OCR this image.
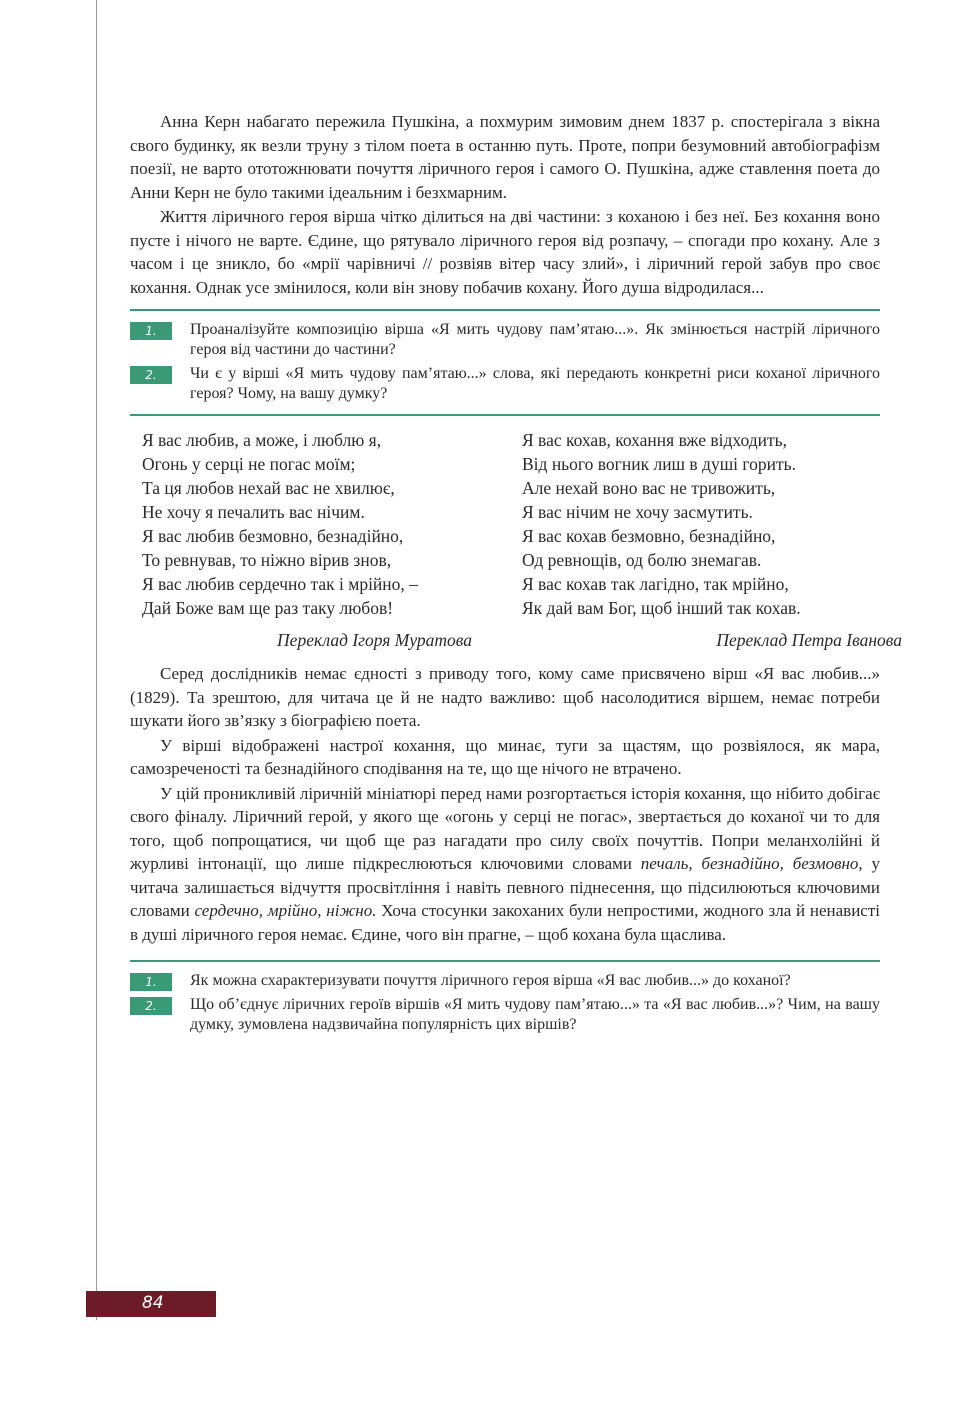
Анна Керн набагато пережила Пушкіна, а похмурим зимовим днем 1837 р. спостерігала з вікна свого будинку, як везли труну з тілом поета в останню путь. Проте, попри безумовний автобіографізм поезії, не варто ототожнювати почуття ліричного героя і самого О. Пушкіна, адже ставлення поета до Анни Керн не було такими ідеальним і безхмарним.

Життя ліричного героя вірша чітко ділиться на дві частини: з коханою і без неї. Без кохання воно пусте і нічого не варте. Єдине, що рятувало ліричного героя від розпачу, – спогади про кохану. Але з часом і це зникло, бо «мрії чарівничі // розвіяв вітер часу злий», і ліричний герой забув про своє кохання. Однак усе змінилося, коли він знову побачив кохану. Його душа відродилася...

1.	Проаналізуйте композицію вірша «Я мить чудову пам’ятаю...». Як змінюється настрій ліричного героя від частини до частини?
2.	Чи є у вірші «Я мить чудову пам’ятаю...» слова, які передають конкретні риси коханої ліричного героя? Чому, на вашу думку?
Я вас любив, а може, і люблю я,
Огонь у серці не погас моїм;
Та ця любов нехай вас не хвилює,
Не хочу я печалить вас нічим.
Я вас любив безмовно, безнадійно,
То ревнував, то ніжно вірив знов,
Я вас любив сердечно так і мрійно, –
Дай Боже вам ще раз таку любов!
Переклад Ігоря Муратова
Я вас кохав, кохання вже відходить,
Від нього вогник лиш в душі горить.
Але нехай воно вас не тривожить,
Я вас нічим не хочу засмутить.
Я вас кохав безмовно, безнадійно,
Од ревнощів, од болю знемагав.
Я вас кохав так лагідно, так мрійно,
Як дай вам Бог, щоб інший так кохав.
Переклад Петра Іванова

Серед дослідників немає єдності з приводу того, кому саме присвячено вірш «Я вас любив...» (1829). Та зрештою, для читача це й не надто важливо: щоб насолодитися віршем, немає потреби шукати його зв’язку з біографією поета.

У вірші відображені настрої кохання, що минає, туги за щастям, що розвіялося, як мара, самозреченості та безнадійного сподівання на те, що ще нічого не втрачено.

У цій проникливій ліричній мініатюрі перед нами розгортається історія кохання, що нібито добігає свого фіналу. Ліричний герой, у якого ще «огонь у серці не погас», звертається до коханої чи то для того, щоб попрощатися, чи щоб ще раз нагадати про силу своїх почуттів. Попри меланхолійні й журливі інтонації, що лише підкреслюються ключовими словами печаль, безнадійно, безмовно, у читача залишається відчуття просвітління і навіть певного піднесення, що підсилюються ключовими словами сердечно, мрійно, ніжно. Хоча стосунки закоханих були непростими, жодного зла й ненависті в душі ліричного героя немає. Єдине, чого він прагне, – щоб кохана була щаслива.

1.	Як можна схарактеризувати почуття ліричного героя вірша «Я вас любив...» до коханої?
2.	Що об’єднує ліричних героїв віршів «Я мить чудову пам’ятаю...» та «Я вас любив...»? Чим, на вашу думку, зумовлена надзвичайна популярність цих віршів?
84
